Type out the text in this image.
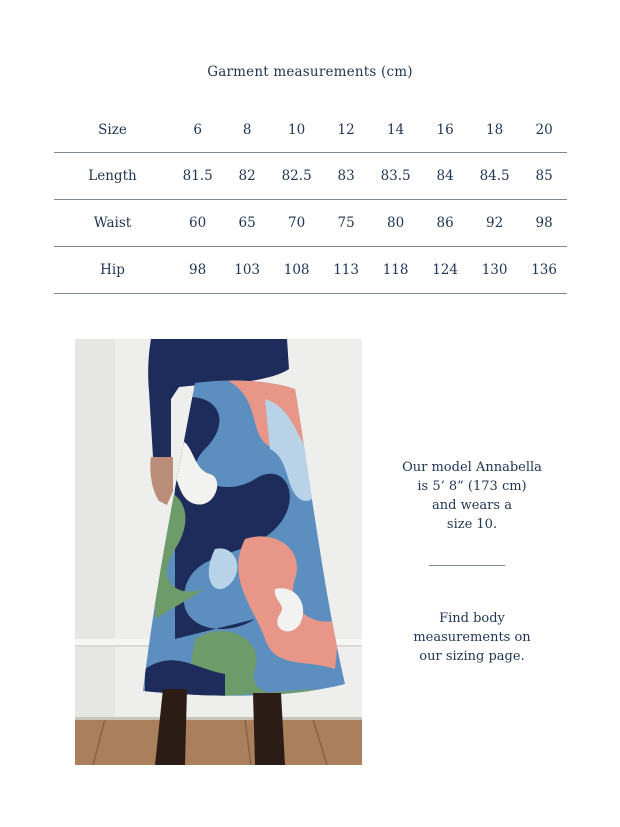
Garment measurements (cm)
Size	6	8	10	12	14	16	18	20
Length	81.5	82	82.5	83	83.5	84	84.5	85
Waist	60	65	70	75	80	86	92	98
Hip	98	103	108	113	118	124	130	136
Our model Annabella
is 5’ 8” (173 cm)
and wears a
size 10.
Find body
measurements on
our sizing page.
